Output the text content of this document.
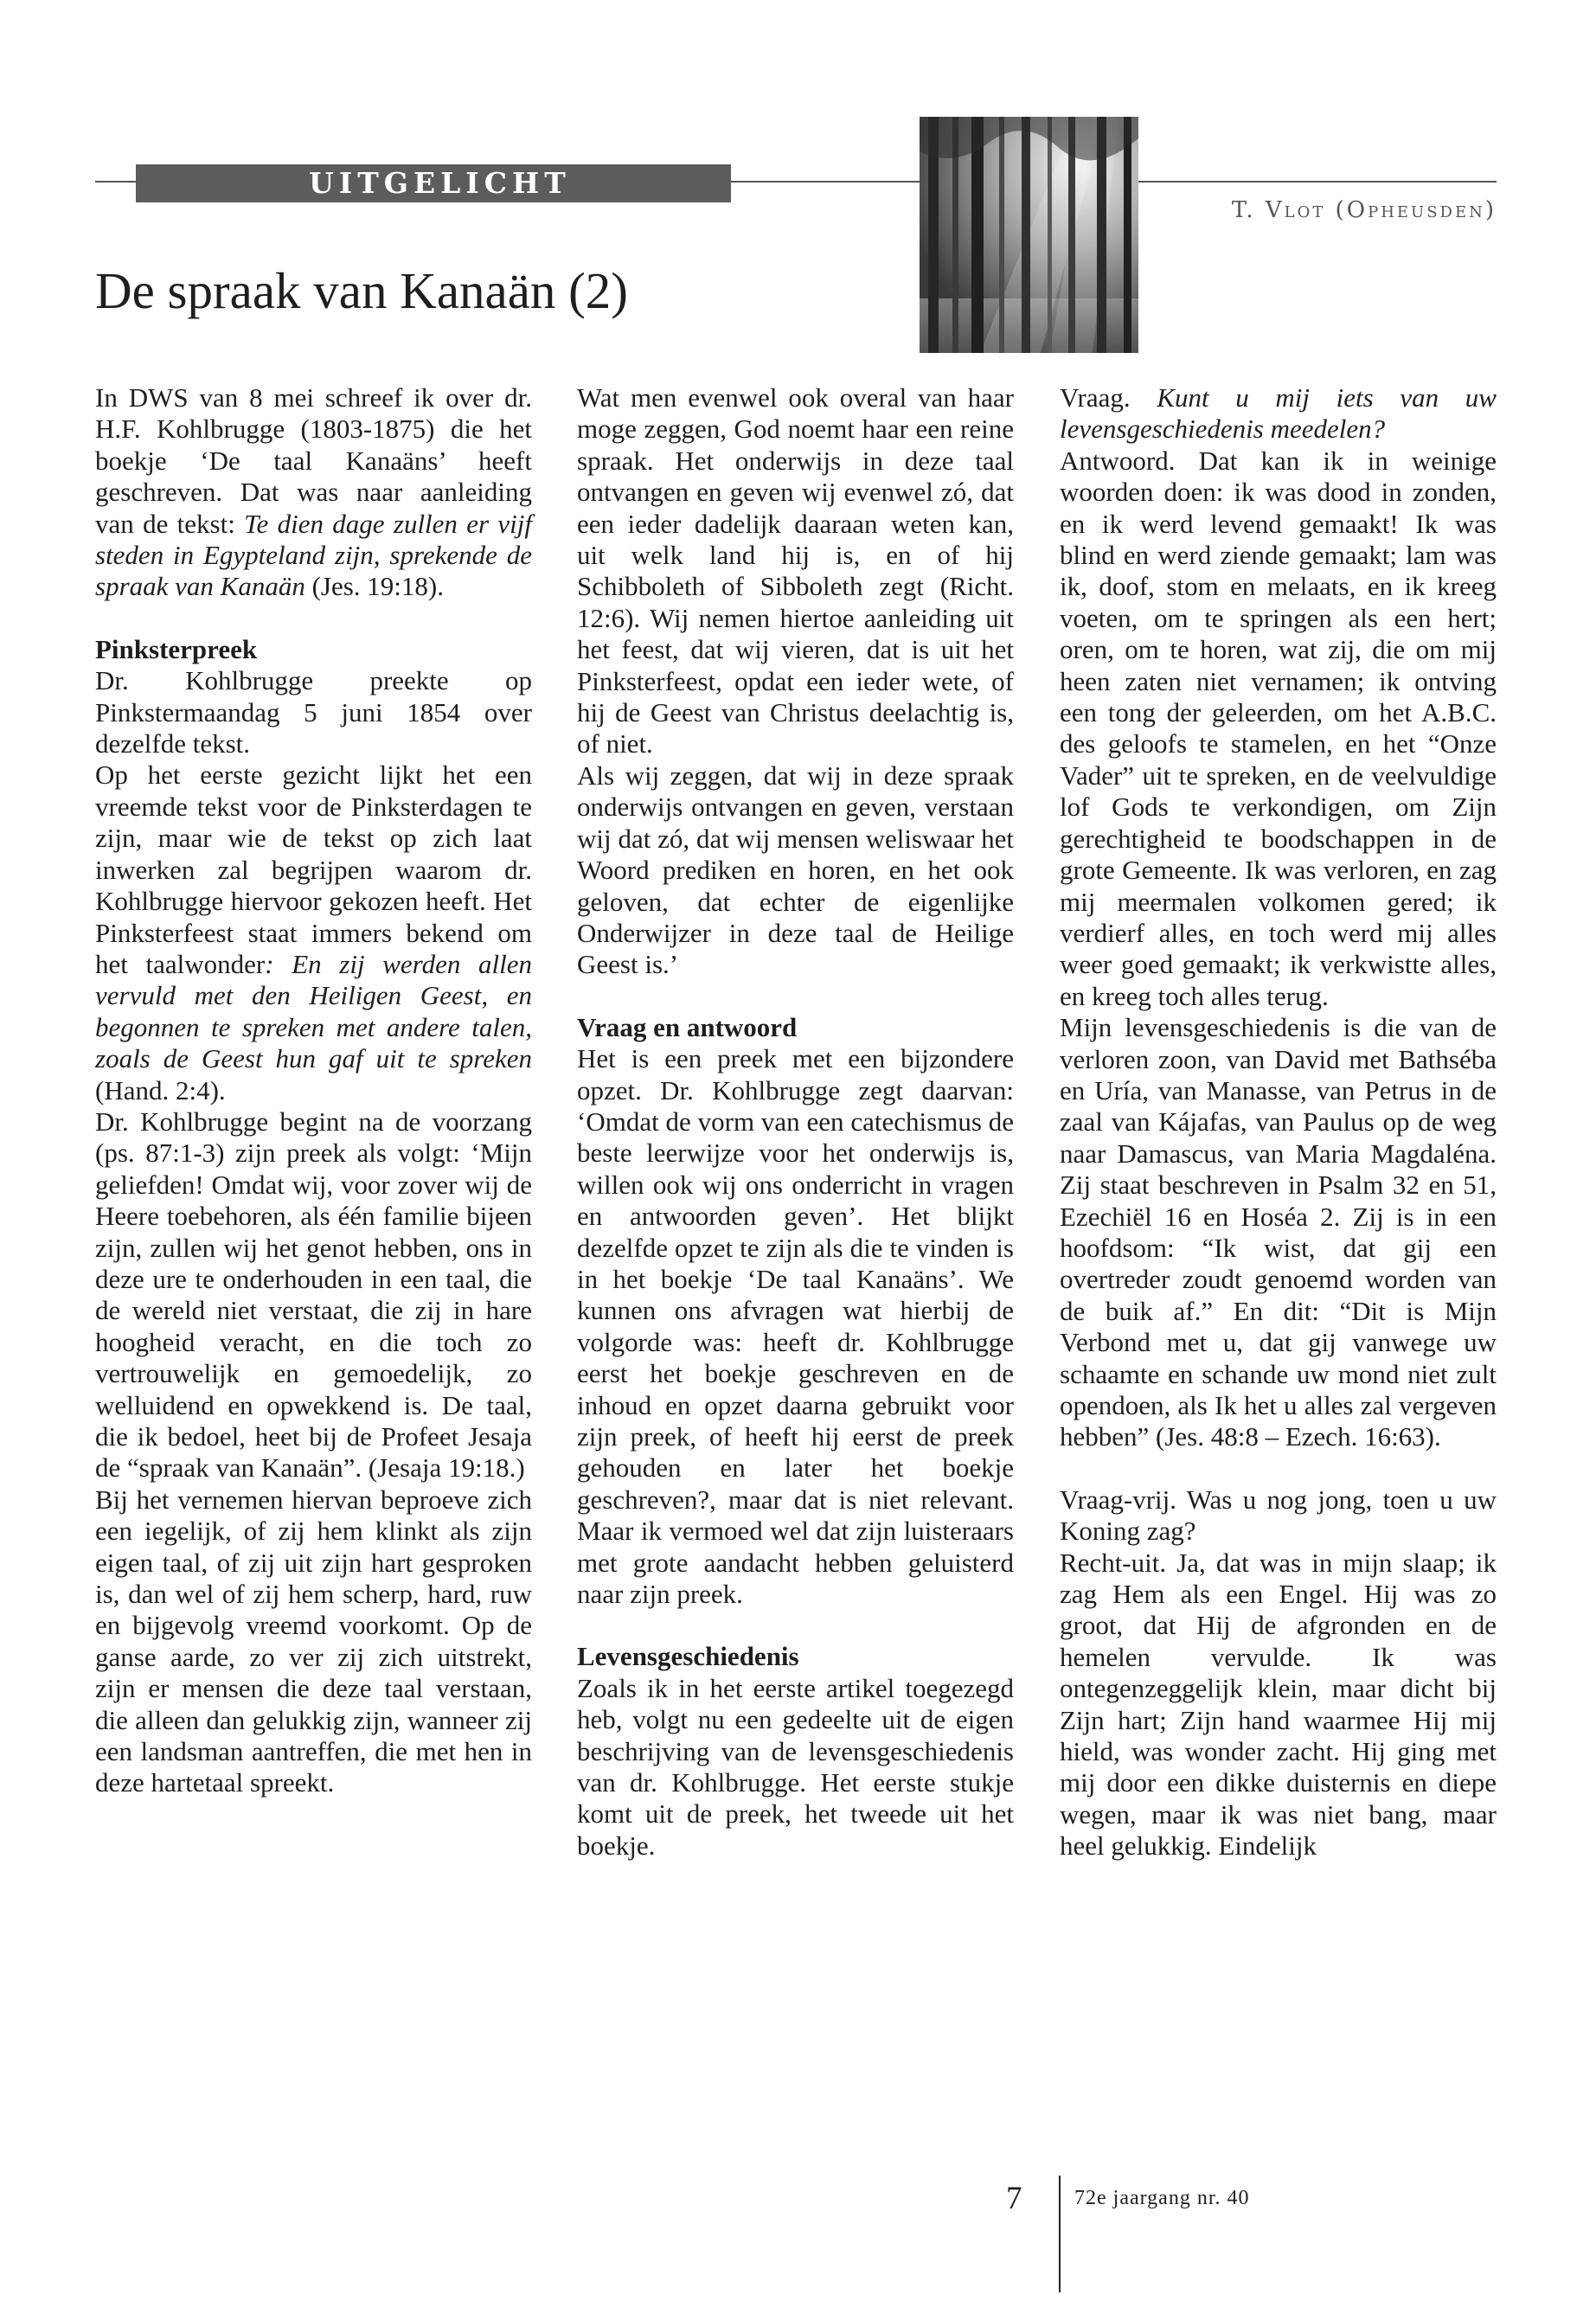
UITGELICHT
T. Vlot (Opheusden)
De spraak van Kanaän (2)

In DWS van 8 mei schreef ik over dr. H.F. Kohlbrugge (1803-1875) die het boekje ‘De taal Kanaäns’ heeft geschreven. Dat was naar aanleiding van de tekst: Te dien dage zullen er vijf steden in Egypteland zijn, sprekende de spraak van Kanaän (Jes. 19:18).

Pinksterpreek

Dr. Kohlbrugge preekte op Pinkstermaandag 5 juni 1854 over dezelfde tekst.

Op het eerste gezicht lijkt het een vreemde tekst voor de Pinksterdagen te zijn, maar wie de tekst op zich laat inwerken zal begrijpen waarom dr. Kohlbrugge hiervoor gekozen heeft. Het Pinksterfeest staat immers bekend om het taalwonder: En zij werden allen vervuld met den Heiligen Geest, en begonnen te spreken met andere talen, zoals de Geest hun gaf uit te spreken (Hand. 2:4).

Dr. Kohlbrugge begint na de voorzang (ps. 87:1-3) zijn preek als volgt: ‘Mijn geliefden! Omdat wij, voor zover wij de Heere toebehoren, als één familie bijeen zijn, zullen wij het genot hebben, ons in deze ure te onderhouden in een taal, die de wereld niet verstaat, die zij in hare hoogheid veracht, en die toch zo vertrouwelijk en gemoedelijk, zo welluidend en opwekkend is. De taal, die ik bedoel, heet bij de Profeet Jesaja de “spraak van Kanaän”. (Jesaja 19:18.)

Bij het vernemen hiervan beproeve zich een iegelijk, of zij hem klinkt als zijn eigen taal, of zij uit zijn hart gesproken is, dan wel of zij hem scherp, hard, ruw en bijgevolg vreemd voorkomt. Op de ganse aarde, zo ver zij zich uitstrekt, zijn er mensen die deze taal verstaan, die alleen dan gelukkig zijn, wanneer zij een landsman aantreffen, die met hen in deze hartetaal spreekt.

Wat men evenwel ook overal van haar moge zeggen, God noemt haar een reine spraak. Het onderwijs in deze taal ontvangen en geven wij evenwel zó, dat een ieder dadelijk daaraan weten kan, uit welk land hij is, en of hij Schibboleth of Sibboleth zegt (Richt. 12:6). Wij nemen hiertoe aanleiding uit het feest, dat wij vieren, dat is uit het Pinksterfeest, opdat een ieder wete, of hij de Geest van Christus deelachtig is, of niet.

Als wij zeggen, dat wij in deze spraak onderwijs ontvangen en geven, verstaan wij dat zó, dat wij mensen weliswaar het Woord prediken en horen, en het ook geloven, dat echter de eigenlijke Onderwijzer in deze taal de Heilige Geest is.’

Vraag en antwoord

Het is een preek met een bijzondere opzet. Dr. Kohlbrugge zegt daarvan: ‘Omdat de vorm van een catechismus de beste leerwijze voor het onderwijs is, willen ook wij ons onderricht in vragen en antwoorden geven’. Het blijkt dezelfde opzet te zijn als die te vinden is in het boekje ‘De taal Kanaäns’. We kunnen ons afvragen wat hierbij de volgorde was: heeft dr. Kohlbrugge eerst het boekje geschreven en de inhoud en opzet daarna gebruikt voor zijn preek, of heeft hij eerst de preek gehouden en later het boekje geschreven?, maar dat is niet relevant. Maar ik vermoed wel dat zijn luisteraars met grote aandacht hebben geluisterd naar zijn preek.

Levensgeschiedenis

Zoals ik in het eerste artikel toegezegd heb, volgt nu een gedeelte uit de eigen beschrijving van de levensgeschiedenis van dr. Kohlbrugge. Het eerste stukje komt uit de preek, het tweede uit het boekje.

Vraag. Kunt u mij iets van uw levensgeschiedenis meedelen?

Antwoord. Dat kan ik in weinige woorden doen: ik was dood in zonden, en ik werd levend gemaakt! Ik was blind en werd ziende gemaakt; lam was ik, doof, stom en melaats, en ik kreeg voeten, om te springen als een hert; oren, om te horen, wat zij, die om mij heen zaten niet vernamen; ik ontving een tong der geleerden, om het A.B.C. des geloofs te stamelen, en het “Onze Vader” uit te spreken, en de veelvuldige lof Gods te verkondigen, om Zijn gerechtigheid te boodschappen in de grote Gemeente. Ik was verloren, en zag mij meermalen volkomen gered; ik verdierf alles, en toch werd mij alles weer goed gemaakt; ik verkwistte alles, en kreeg toch alles terug.

Mijn levensgeschiedenis is die van de verloren zoon, van David met Bathséba en Uría, van Manasse, van Petrus in de zaal van Kájafas, van Paulus op de weg naar Damascus, van Maria Magdaléna. Zij staat beschreven in Psalm 32 en 51, Ezechiël 16 en Hoséa 2. Zij is in een hoofdsom: “Ik wist, dat gij een overtreder zoudt genoemd worden van de buik af.” En dit: “Dit is Mijn Verbond met u, dat gij vanwege uw schaamte en schande uw mond niet zult opendoen, als Ik het u alles zal vergeven hebben” (Jes. 48:8 – Ezech. 16:63).

Vraag-vrij. Was u nog jong, toen u uw Koning zag?

Recht-uit. Ja, dat was in mijn slaap; ik zag Hem als een Engel. Hij was zo groot, dat Hij de afgronden en de hemelen vervulde. Ik was ontegenzeggelijk klein, maar dicht bij Zijn hart; Zijn hand waarmee Hij mij hield, was wonder zacht. Hij ging met mij door een dikke duisternis en diepe wegen, maar ik was niet bang, maar heel gelukkig. Eindelijk

7	72e jaargang nr. 40
